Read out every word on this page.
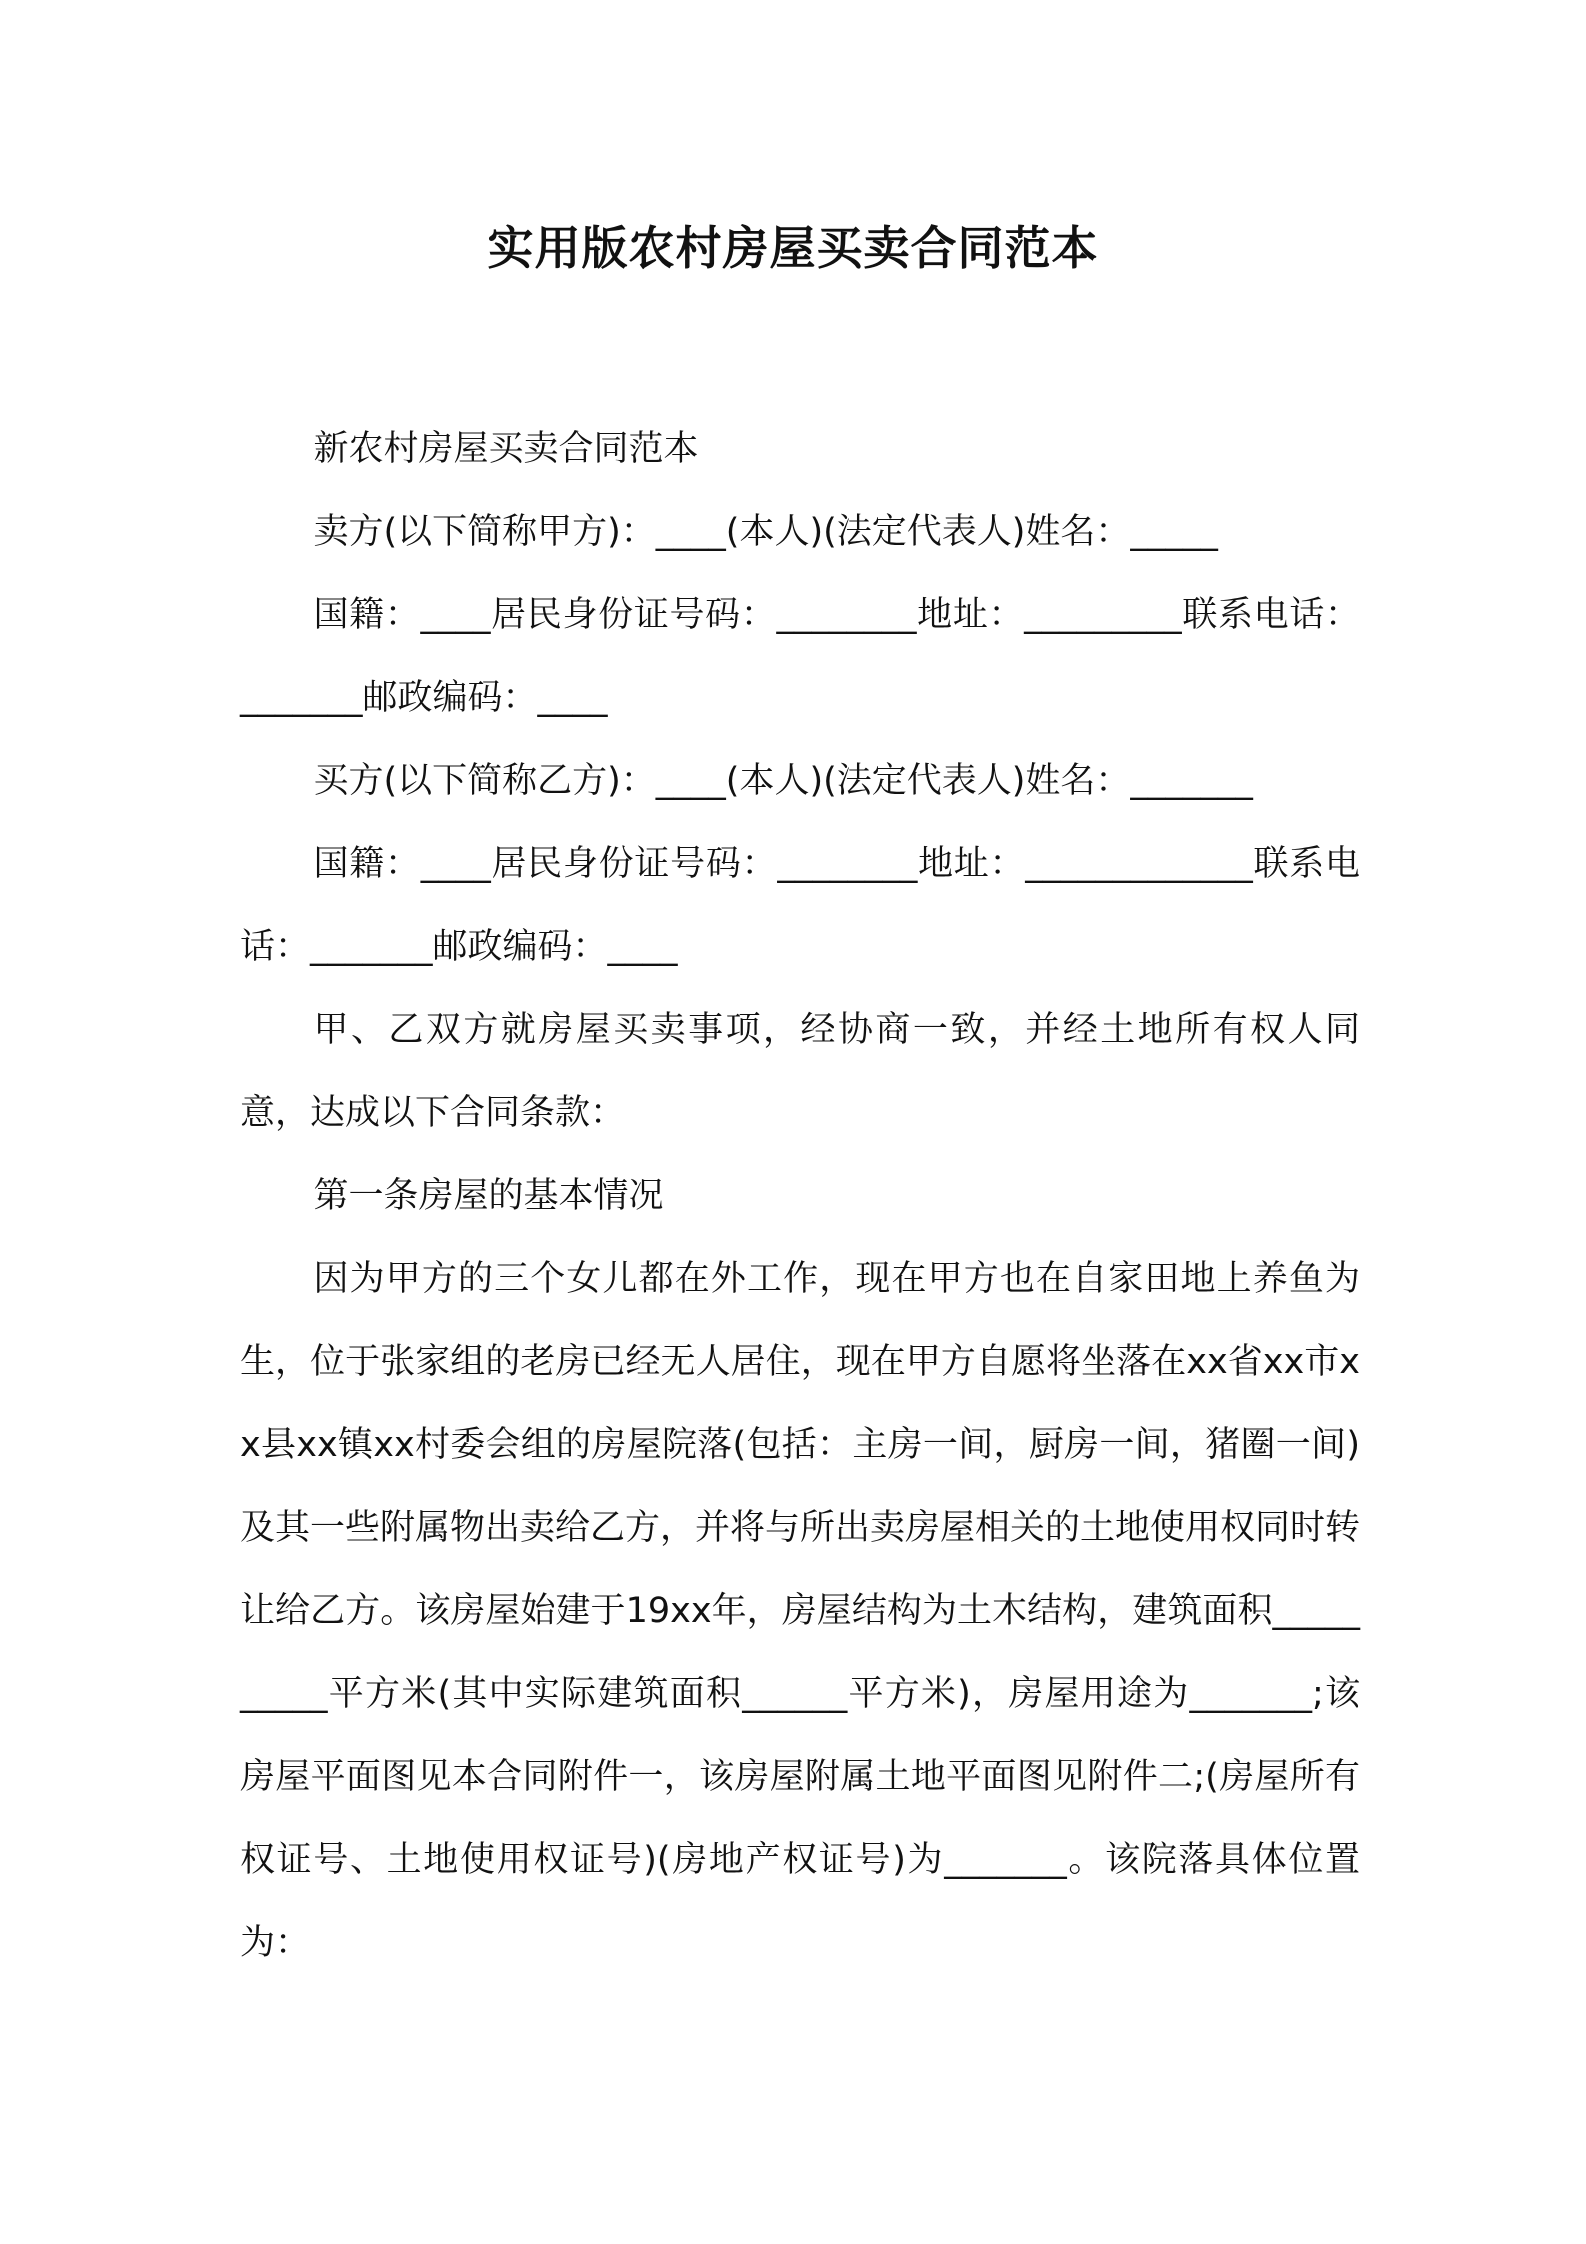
实用版农村房屋买卖合同范本

新农村房屋买卖合同范本

卖方(以下简称甲方)：____(本人)(法定代表人)姓名：_____

国籍：____居民身份证号码：________地址：_________联系电话：_______邮政编码：____

买方(以下简称乙方)：____(本人)(法定代表人)姓名：_______

国籍：____居民身份证号码：________地址：_____________联系电话：_______邮政编码：____

甲、乙双方就房屋买卖事项，经协商一致，并经土地所有权人同意，达成以下合同条款：

第一条房屋的基本情况

因为甲方的三个女儿都在外工作，现在甲方也在自家田地上养鱼为生，位于张家组的老房已经无人居住，现在甲方自愿将坐落在xx省xx市xx县xx镇xx村委会组的房屋院落(包括：主房一间，厨房一间，猪圈一间)及其一些附属物出卖给乙方，并将与所出卖房屋相关的土地使用权同时转让给乙方。该房屋始建于19xx年，房屋结构为土木结构，建筑面积__________平方米(其中实际建筑面积______平方米)，房屋用途为_______;该房屋平面图见本合同附件一，该房屋附属土地平面图见附件二;(房屋所有权证号、土地使用权证号)(房地产权证号)为_______。该院落具体位置为：
